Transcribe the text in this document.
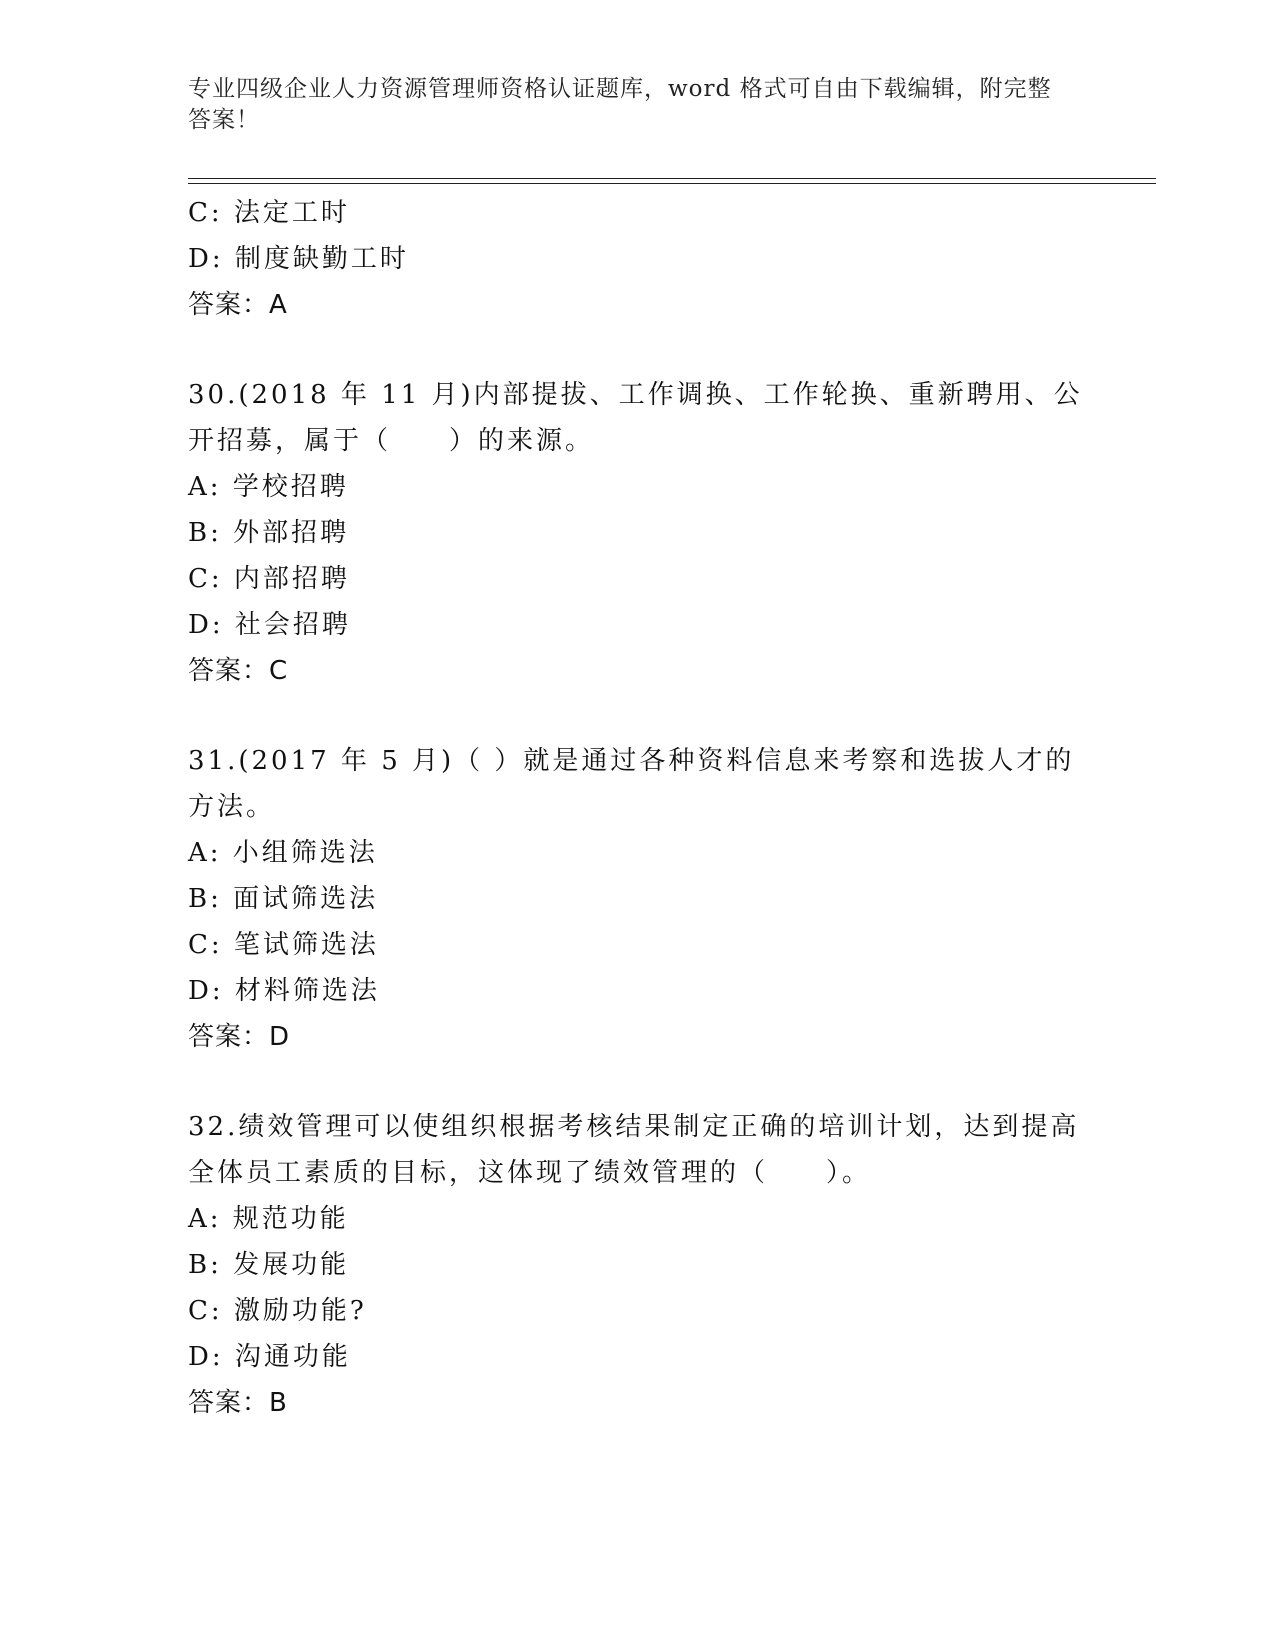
专业四级企业人力资源管理师资格认证题库，word 格式可自由下载编辑，附完整答案！
C: 法定工时
D: 制度缺勤工时
答案：A
30.(2018 年 11 月)内部提拔、工作调换、工作轮换、重新聘用、公开招募，属于（　　）的来源。
A: 学校招聘
B: 外部招聘
C: 内部招聘
D: 社会招聘
答案：C
31.(2017 年 5 月)（ ）就是通过各种资料信息来考察和选拔人才的方法。
A: 小组筛选法
B: 面试筛选法
C: 笔试筛选法
D: 材料筛选法
答案：D
32.绩效管理可以使组织根据考核结果制定正确的培训计划，达到提高全体员工素质的目标，这体现了绩效管理的（　　）。
A: 规范功能
B: 发展功能
C: 激励功能?
D: 沟通功能
答案：B
